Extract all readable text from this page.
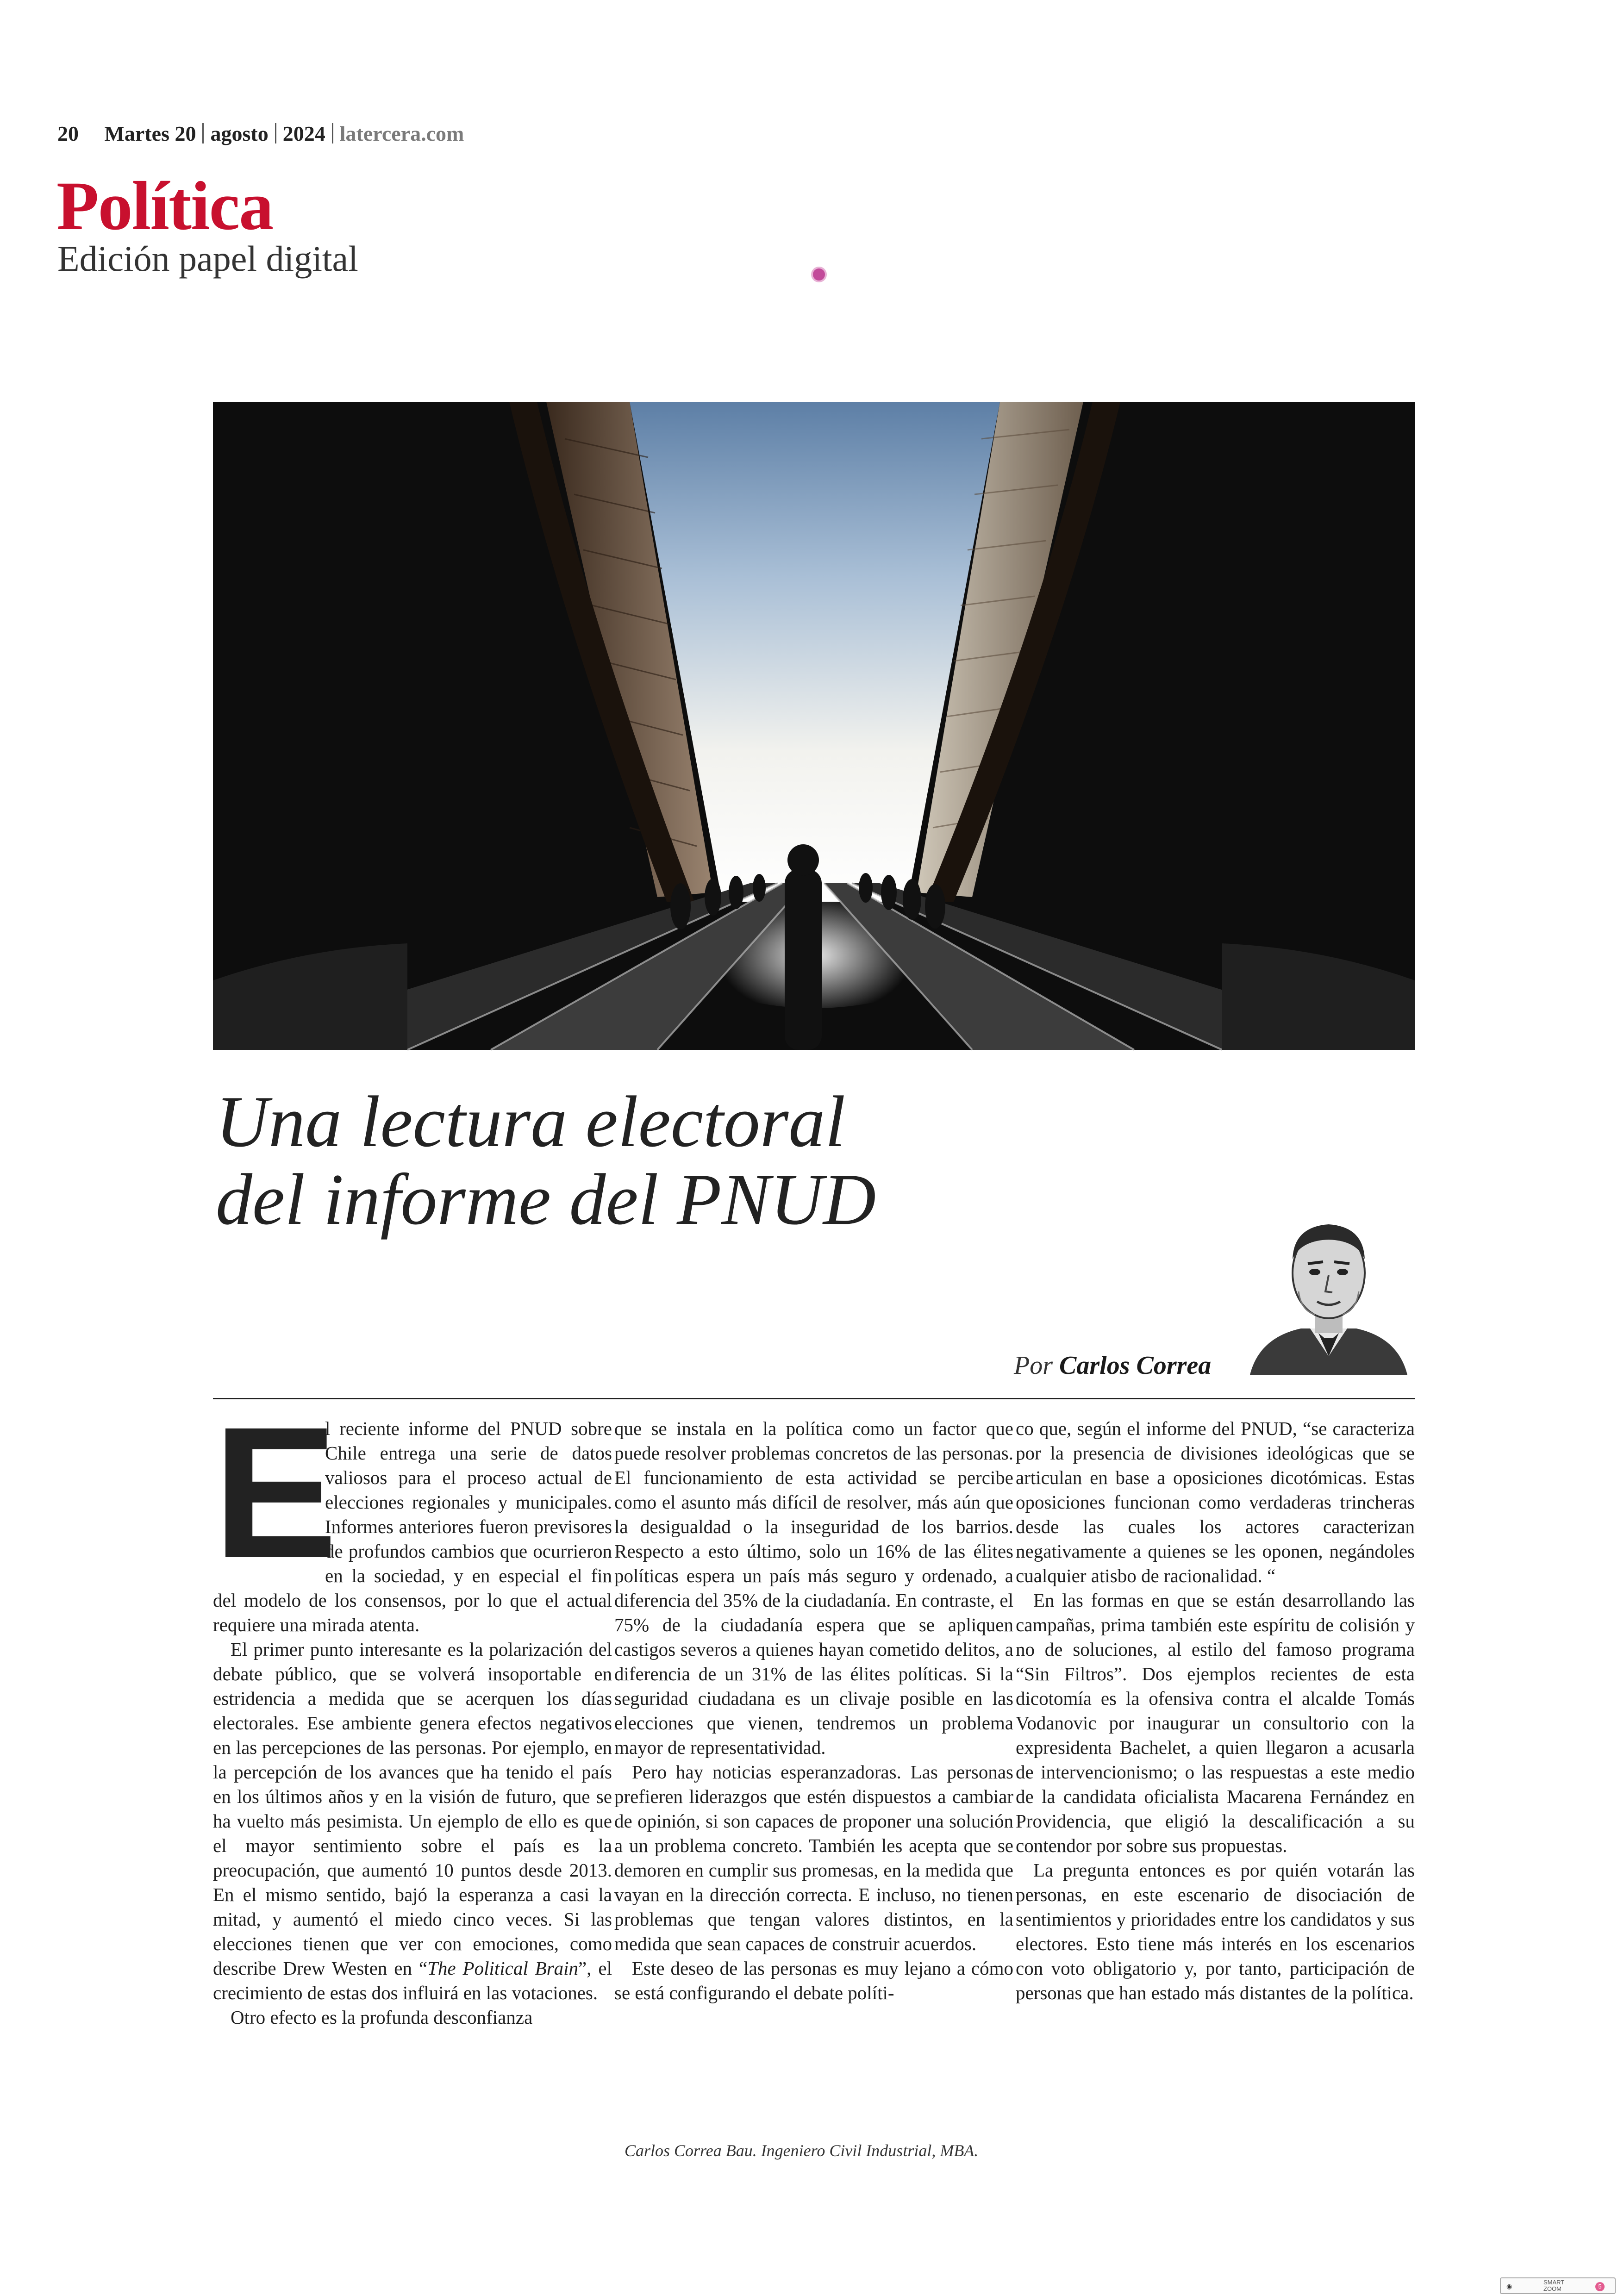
20 Martes 20 agosto 2024 latercera.com
Política
Edición papel digital
Una lectura electoral
del informe del PNUD
Por Carlos Correa
E

l reciente informe del PNUD sobre Chile entrega una serie de datos valiosos para el proceso actual de elecciones regionales y municipales. Informes anteriores fueron previsores de profundos cambios que ocurrieron en la sociedad, y en especial el fin del modelo de los consensos, por lo que el actual requiere una mirada atenta.

El primer punto interesante es la polarización del debate público, que se volverá insoportable en estridencia a medida que se acerquen los días electorales. Ese ambiente genera efectos negativos en las percepciones de las personas. Por ejemplo, en la percepción de los avances que ha tenido el país en los últimos años y en la visión de futuro, que se ha vuelto más pesimista. Un ejemplo de ello es que el mayor sentimiento sobre el país es la preocupación, que aumentó 10 puntos desde 2013. En el mismo sentido, bajó la esperanza a casi la mitad, y aumentó el miedo cinco veces. Si las elecciones tienen que ver con emociones, como describe Drew Westen en “The Political Brain”, el crecimiento de estas dos influirá en las votaciones.

Otro efecto es la profunda desconfianza

que se instala en la política como un factor que puede resolver problemas concretos de las personas. El funcionamiento de esta actividad se percibe como el asunto más difícil de resolver, más aún que la desigualdad o la inseguridad de los barrios. Respecto a esto último, solo un 16% de las élites políticas espera un país más seguro y ordenado, a diferencia del 35% de la ciudadanía. En contraste, el 75% de la ciudadanía espera que se apliquen castigos severos a quienes hayan cometido delitos, a diferencia de un 31% de las élites políticas. Si la seguridad ciudadana es un clivaje posible en las elecciones que vienen, tendremos un problema mayor de representatividad.

Pero hay noticias esperanzadoras. Las personas prefieren liderazgos que estén dispuestos a cambiar de opinión, si son capaces de proponer una solución a un problema concreto. También les acepta que se demoren en cumplir sus promesas, en la medida que vayan en la dirección correcta. E incluso, no tienen problemas que tengan valores distintos, en la medida que sean capaces de construir acuerdos.

Este deseo de las personas es muy lejano a cómo se está configurando el debate políti-

co que, según el informe del PNUD, “se caracteriza por la presencia de divisiones ideológicas que se articulan en base a oposiciones dicotómicas. Estas oposiciones funcionan como verdaderas trincheras desde las cuales los actores caracterizan negativamente a quienes se les oponen, negándoles cualquier atisbo de racionalidad. “

En las formas en que se están desarrollando las campañas, prima también este espíritu de colisión y no de soluciones, al estilo del famoso programa “Sin Filtros”. Dos ejemplos recientes de esta dicotomía es la ofensiva contra el alcalde Tomás Vodanovic por inaugurar un consultorio con la expresidenta Bachelet, a quien llegaron a acusarla de intervencionismo; o las respuestas a este medio de la candidata oficialista Macarena Fernández en Providencia, que eligió la descalificación a su contendor por sobre sus propuestas.

La pregunta entonces es por quién votarán las personas, en este escenario de disociación de sentimientos y prioridades entre los candidatos y sus electores. Esto tiene más interés en los escenarios con voto obligatorio y, por tanto, participación de personas que han estado más distantes de la política.

Carlos Correa Bau. Ingeniero Civil Industrial, MBA.
◉
SMART ZOOM	5
